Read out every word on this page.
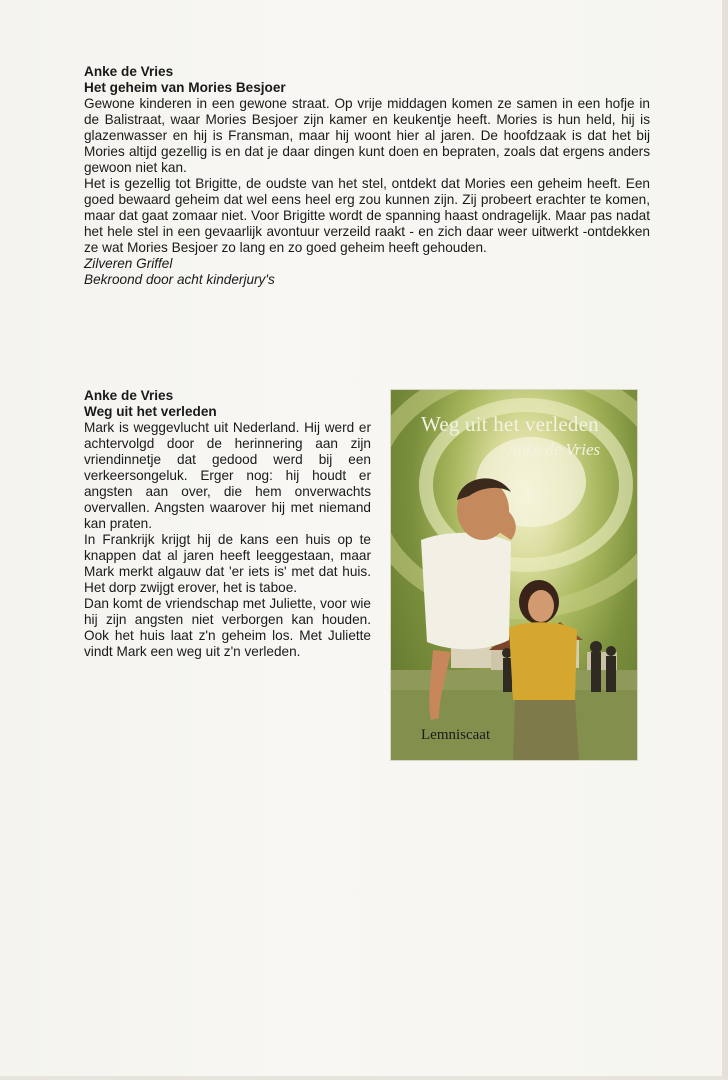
Anke de Vries
Het geheim van Mories Besjoer

Gewone kinderen in een gewone straat. Op vrije middagen komen ze samen in een hofje in de Balistraat, waar Mories Besjoer zijn kamer en keukentje heeft. Mories is hun held, hij is glazenwasser en hij is Fransman, maar hij woont hier al jaren. De hoofdzaak is dat het bij Mories altijd gezellig is en dat je daar dingen kunt doen en bepraten, zoals dat ergens anders gewoon niet kan.

Het is gezellig tot Brigitte, de oudste van het stel, ontdekt dat Mories een geheim heeft. Een goed bewaard geheim dat wel eens heel erg zou kunnen zijn. Zij probeert erachter te komen, maar dat gaat zomaar niet. Voor Brigitte wordt de spanning haast ondragelijk. Maar pas nadat het hele stel in een gevaarlijk avontuur verzeild raakt - en zich daar weer uitwerkt -ontdekken ze wat Mories Besjoer zo lang en zo goed geheim heeft gehouden.

Zilveren Griffel
Bekroond door acht kinderjury's
Anke de Vries
Weg uit het verleden

Mark is weggevlucht uit Nederland. Hij werd er achtervolgd door de herinnering aan zijn vriendinnetje dat gedood werd bij een verkeersongeluk. Erger nog: hij houdt er angsten aan over, die hem onverwachts overvallen. Angsten waarover hij met niemand kan praten.

In Frankrijk krijgt hij de kans een huis op te knappen dat al jaren heeft leeggestaan, maar Mark merkt algauw dat 'er iets is' met dat huis. Het dorp zwijgt erover, het is taboe.

Dan komt de vriendschap met Juliette, voor wie hij zijn angsten niet verborgen kan houden. Ook het huis laat z'n geheim los. Met Juliette vindt Mark een weg uit z'n verleden.

Weg uit het verleden
Anke de Vries
Lemniscaat
